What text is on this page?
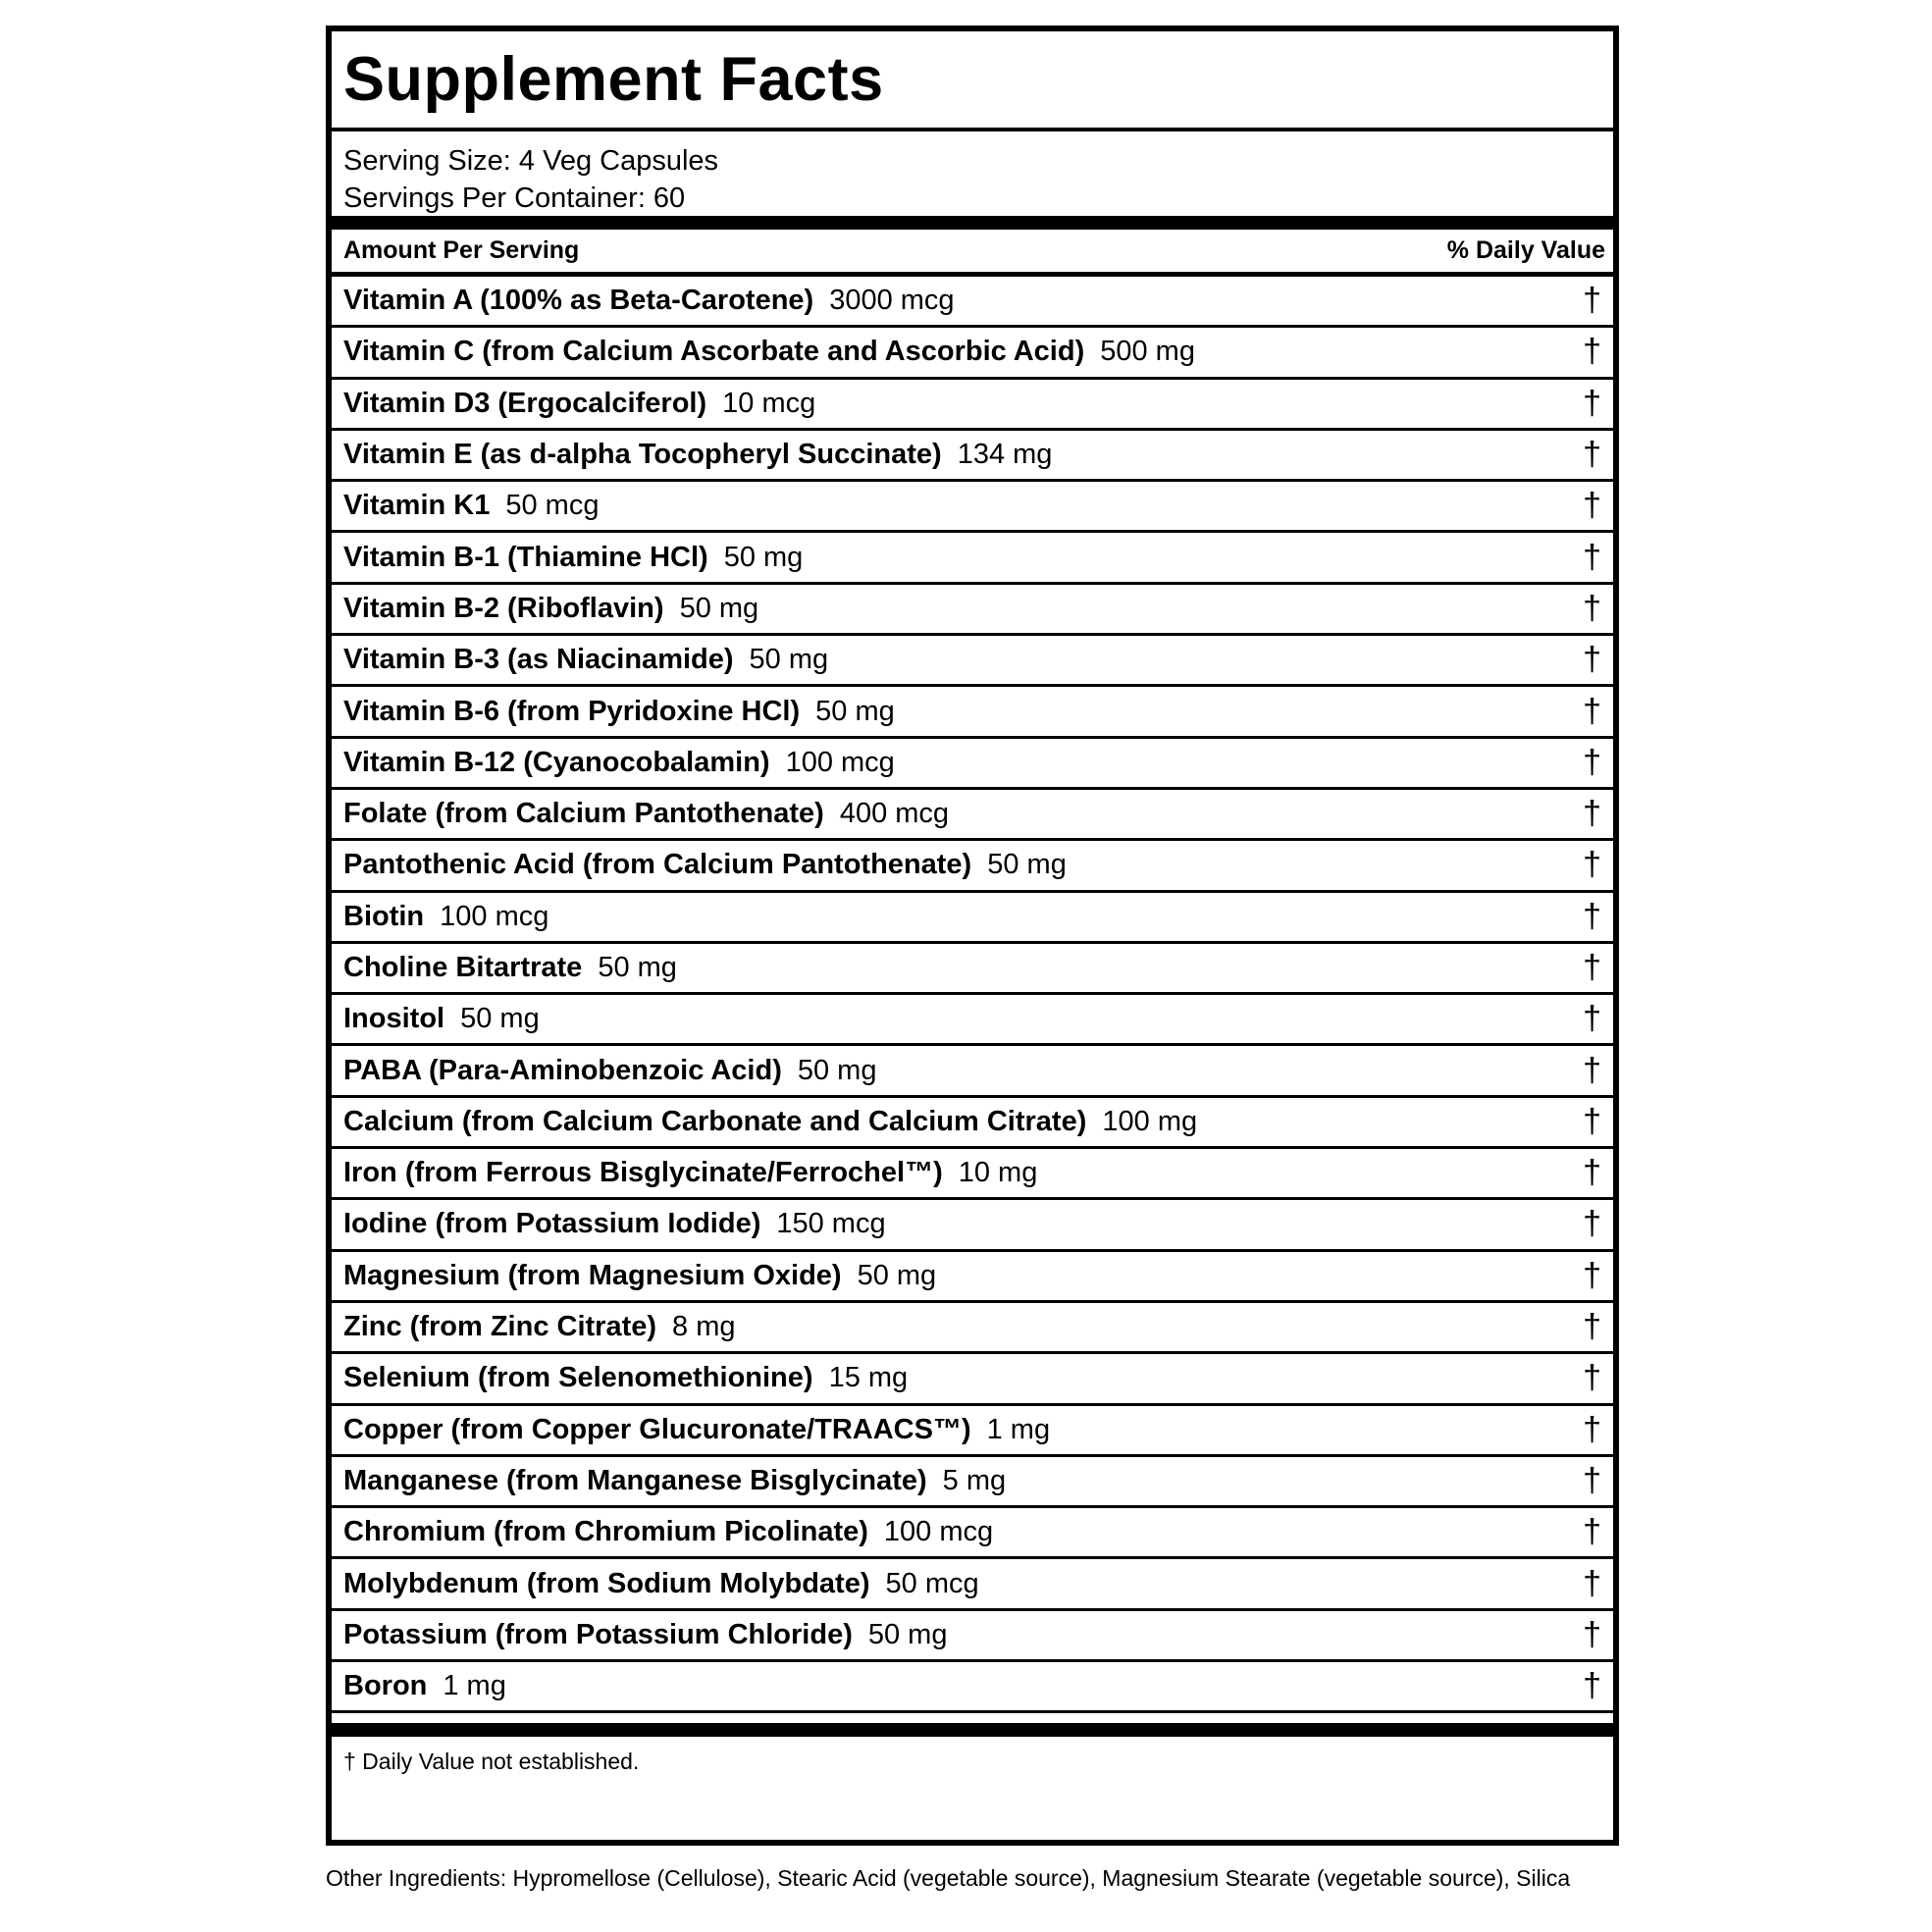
Supplement Facts
Serving Size: 4 Veg Capsules
Servings Per Container: 60
Amount Per Serving	% Daily Value
Vitamin A (100% as Beta-Carotene) 3000 mcg	†
Vitamin C (from Calcium Ascorbate and Ascorbic Acid) 500 mg	†
Vitamin D3 (Ergocalciferol) 10 mcg	†
Vitamin E (as d-alpha Tocopheryl Succinate) 134 mg	†
Vitamin K1 50 mcg	†
Vitamin B-1 (Thiamine HCl) 50 mg	†
Vitamin B-2 (Riboflavin) 50 mg	†
Vitamin B-3 (as Niacinamide) 50 mg	†
Vitamin B-6 (from Pyridoxine HCl) 50 mg	†
Vitamin B-12 (Cyanocobalamin) 100 mcg	†
Folate (from Calcium Pantothenate) 400 mcg	†
Pantothenic Acid (from Calcium Pantothenate) 50 mg	†
Biotin 100 mcg	†
Choline Bitartrate 50 mg	†
Inositol 50 mg	†
PABA (Para-Aminobenzoic Acid) 50 mg	†
Calcium (from Calcium Carbonate and Calcium Citrate) 100 mg	†
Iron (from Ferrous Bisglycinate/Ferrochel™) 10 mg	†
Iodine (from Potassium Iodide) 150 mcg	†
Magnesium (from Magnesium Oxide) 50 mg	†
Zinc (from Zinc Citrate) 8 mg	†
Selenium (from Selenomethionine) 15 mg	†
Copper (from Copper Glucuronate/TRAACS™) 1 mg	†
Manganese (from Manganese Bisglycinate) 5 mg	†
Chromium (from Chromium Picolinate) 100 mcg	†
Molybdenum (from Sodium Molybdate) 50 mcg	†
Potassium (from Potassium Chloride) 50 mg	†
Boron 1 mg	†
† Daily Value not established.
Other Ingredients: Hypromellose (Cellulose), Stearic Acid (vegetable source), Magnesium Stearate (vegetable source), Silica
